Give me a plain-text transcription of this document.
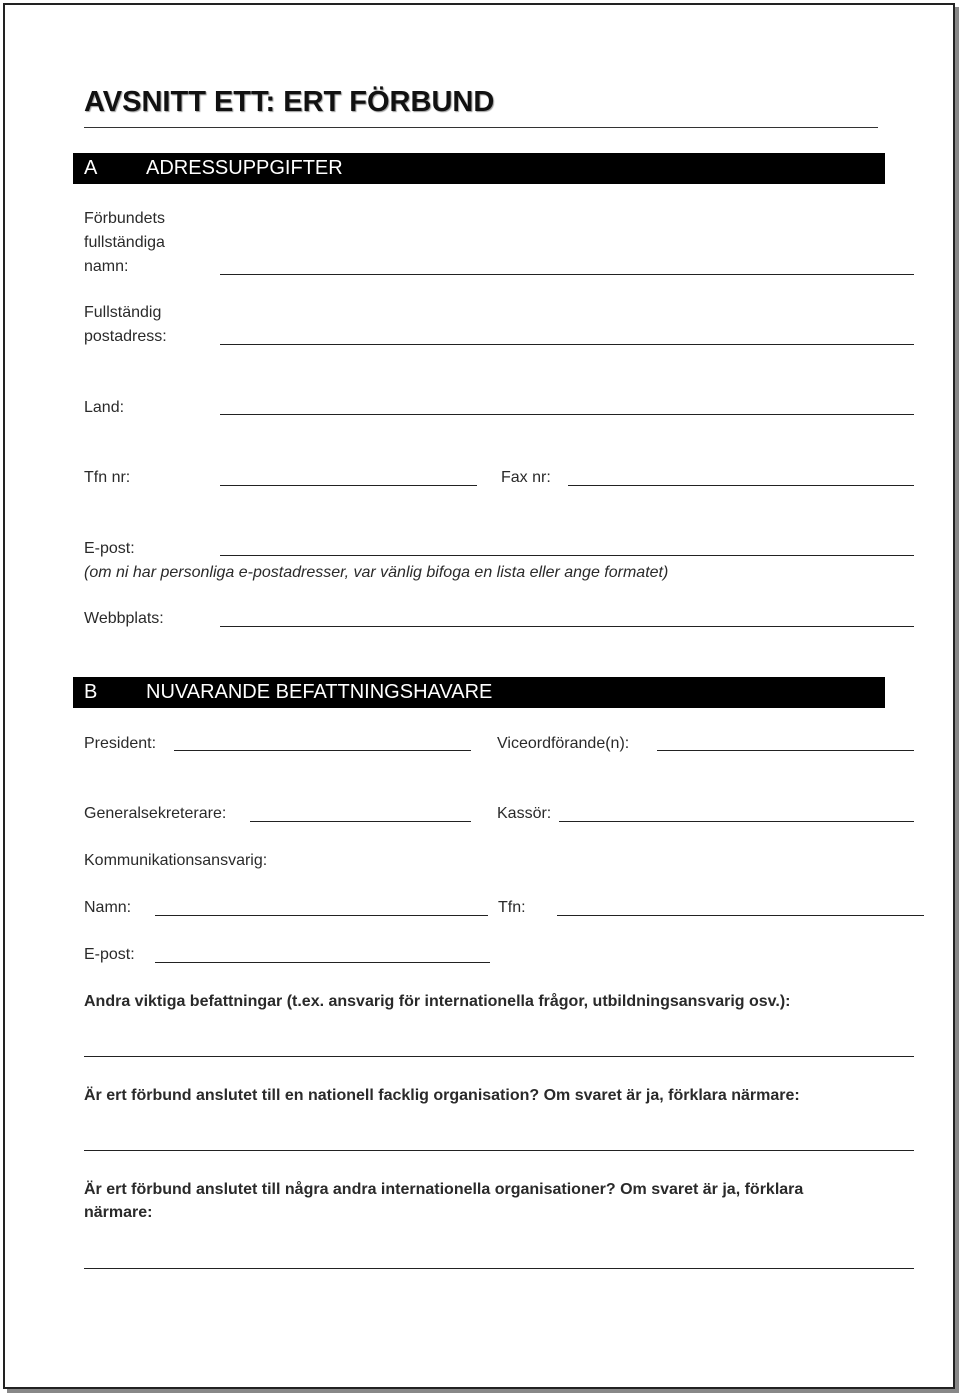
AVSNITT ETT: ERT FÖRBUND
A ADRESSUPPGIFTER
Förbundets
fullständiga
namn:
Fullständig
postadress:
Land:
Tfn nr:	Fax nr:
E-post:
(om ni har personliga e-postadresser, var vänlig bifoga en lista eller ange formatet)
Webbplats:
B NUVARANDE BEFATTNINGSHAVARE
President:	Viceordförande(n):
Generalsekreterare:	Kassör:
Kommunikationsansvarig:
Namn:	Tfn:
E-post:
Andra viktiga befattningar (t.ex. ansvarig för internationella frågor, utbildningsansvarig osv.):
Är ert förbund anslutet till en nationell facklig organisation? Om svaret är ja, förklara närmare:
Är ert förbund anslutet till några andra internationella organisationer? Om svaret är ja, förklara
närmare:
